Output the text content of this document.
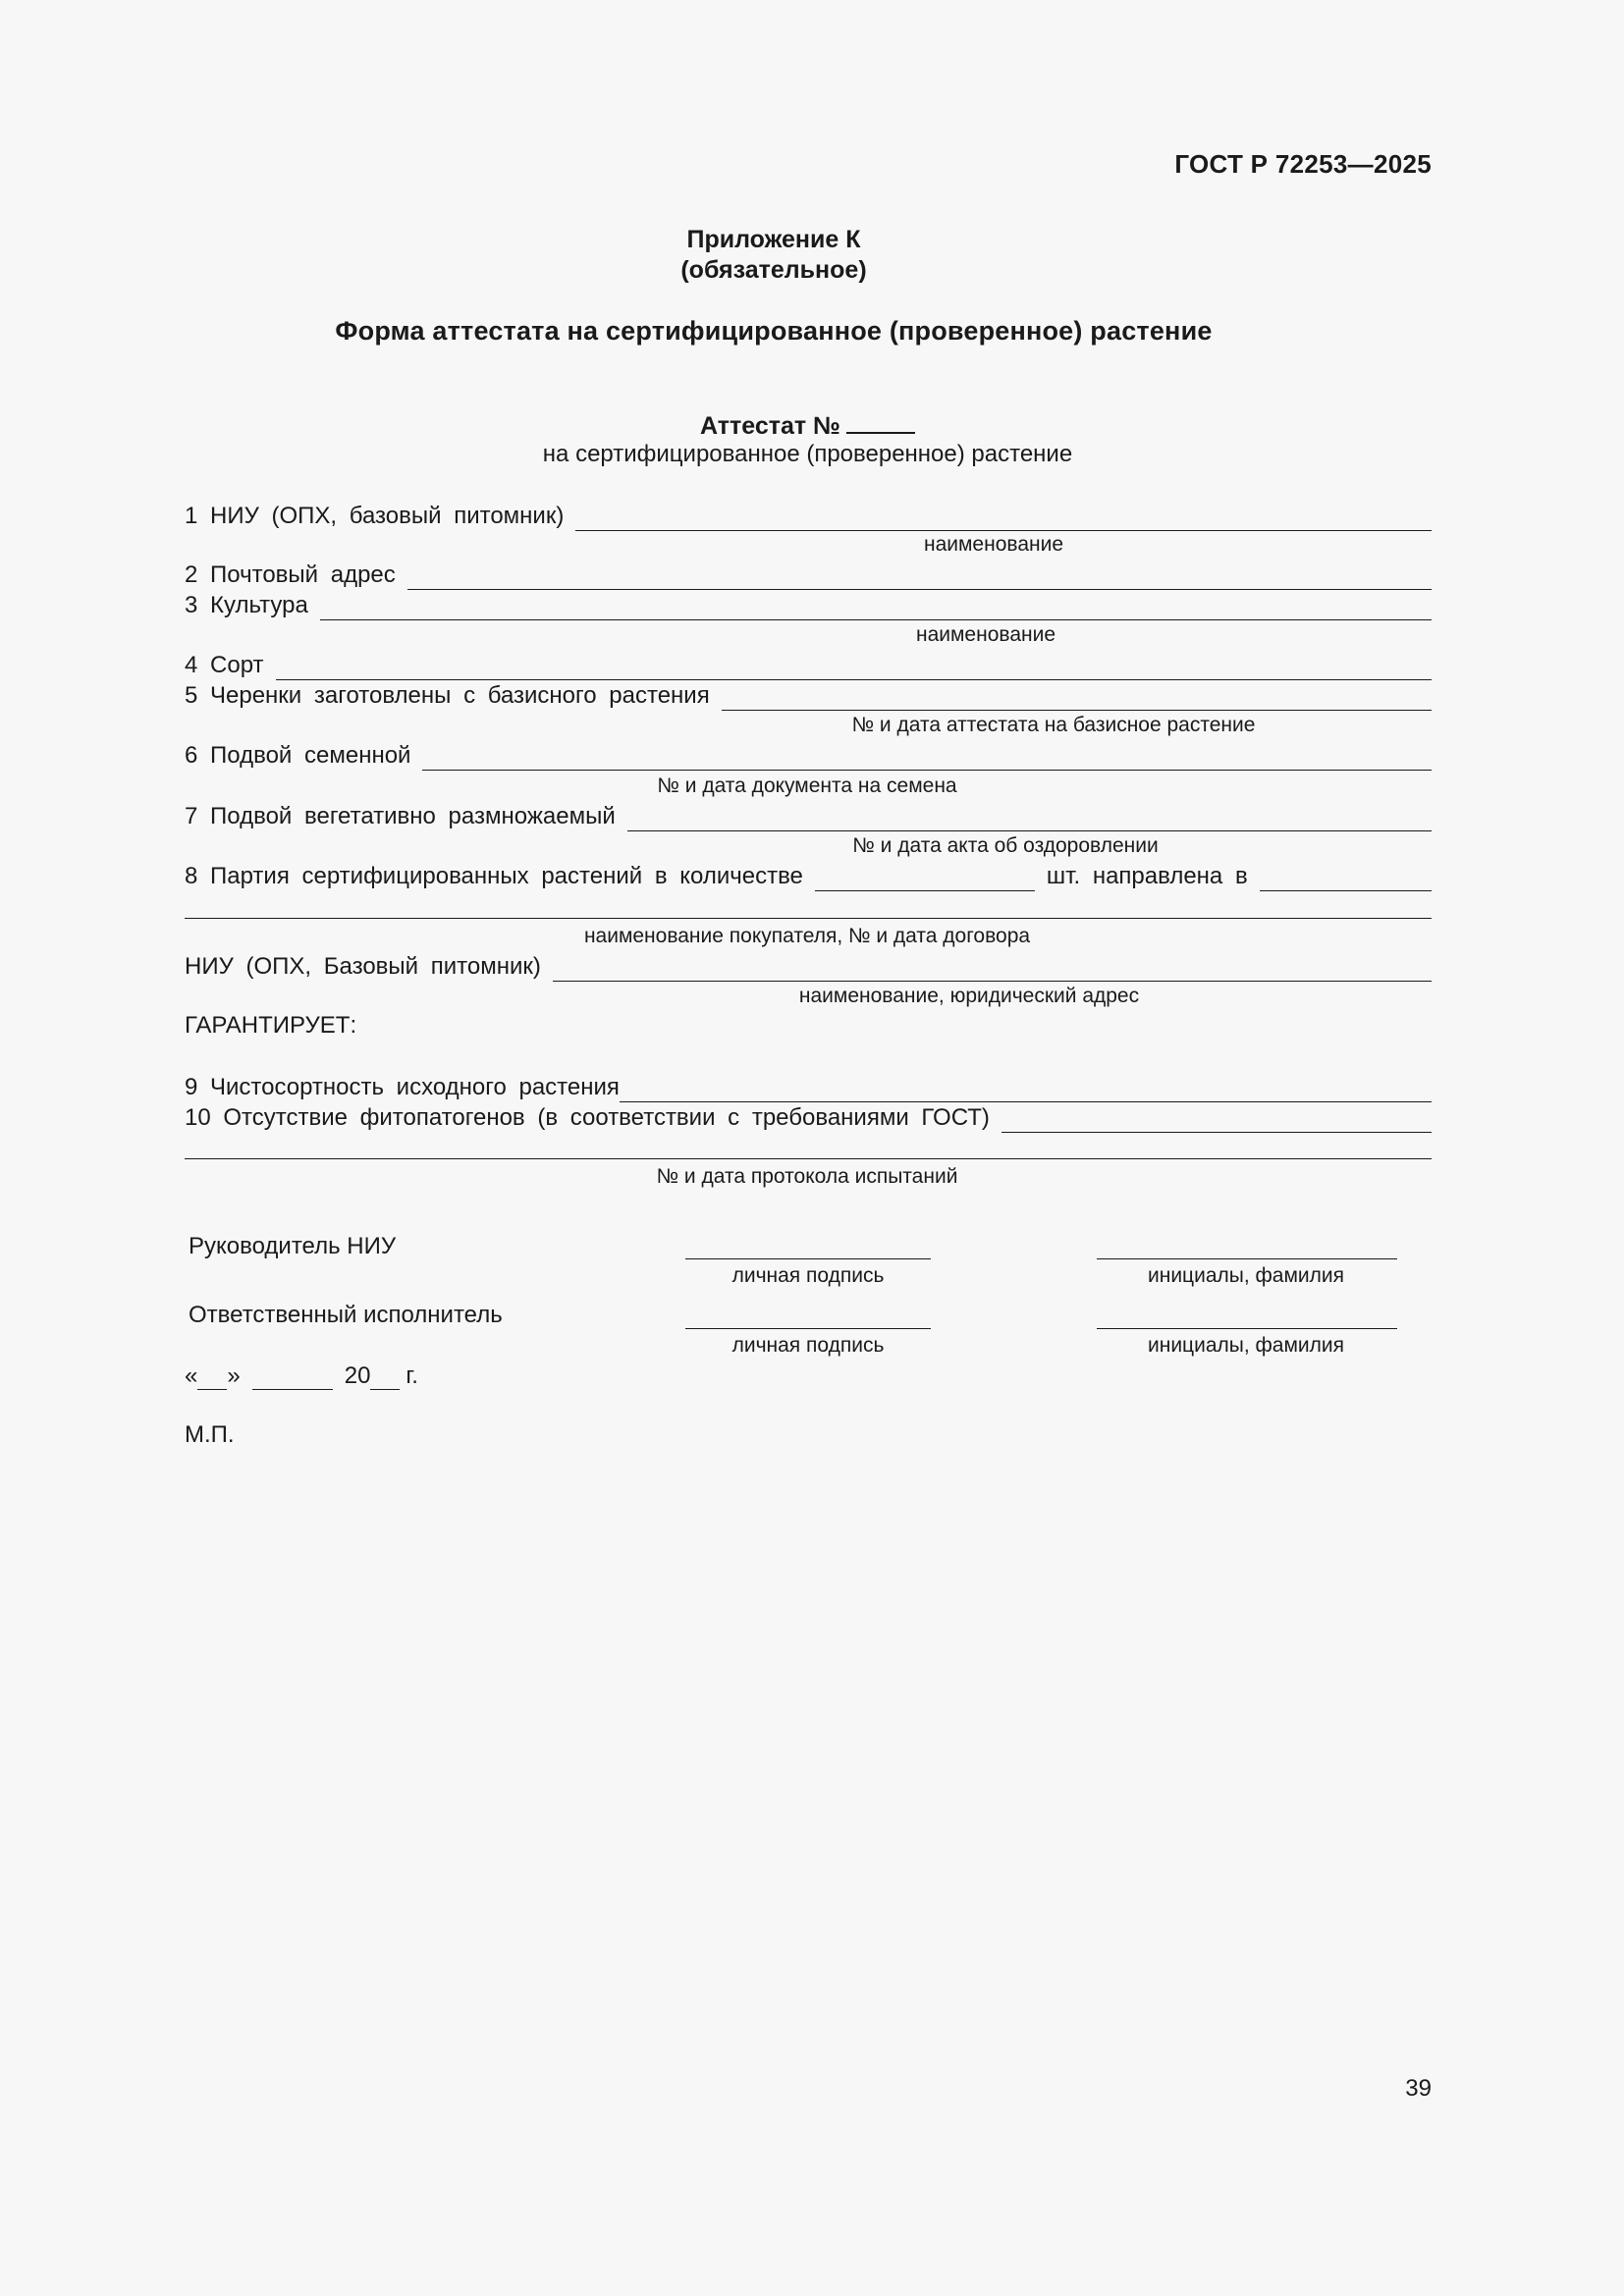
ГОСТ Р 72253—2025
Приложение К
(обязательное)
Форма аттестата на сертифицированное (проверенное) растение
Аттестат №
на сертифицированное (проверенное) растение
1 НИУ (ОПХ, базовый питомник)
наименование
2 Почтовый адрес
3 Культура
наименование
4 Сорт
5 Черенки заготовлены с базисного растения
№ и дата аттестата на базисное растение
6 Подвой семенной
№ и дата документа на семена
7 Подвой вегетативно размножаемый
№ и дата акта об оздоровлении
8 Партия сертифицированных растений в количестве	шт. направлена в
наименование покупателя, № и дата договора
НИУ (ОПХ, Базовый питомник)
наименование, юридический адрес
ГАРАНТИРУЕТ:
9 Чистосортность исходного растения
10 Отсутствие фитопатогенов (в соответствии с требованиями ГОСТ)
№ и дата протокола испытаний
Руководитель НИУ
личная подпись	инициалы, фамилия
Ответственный исполнитель
личная подпись	инициалы, фамилия
« »	20 г.
М.П.
39
